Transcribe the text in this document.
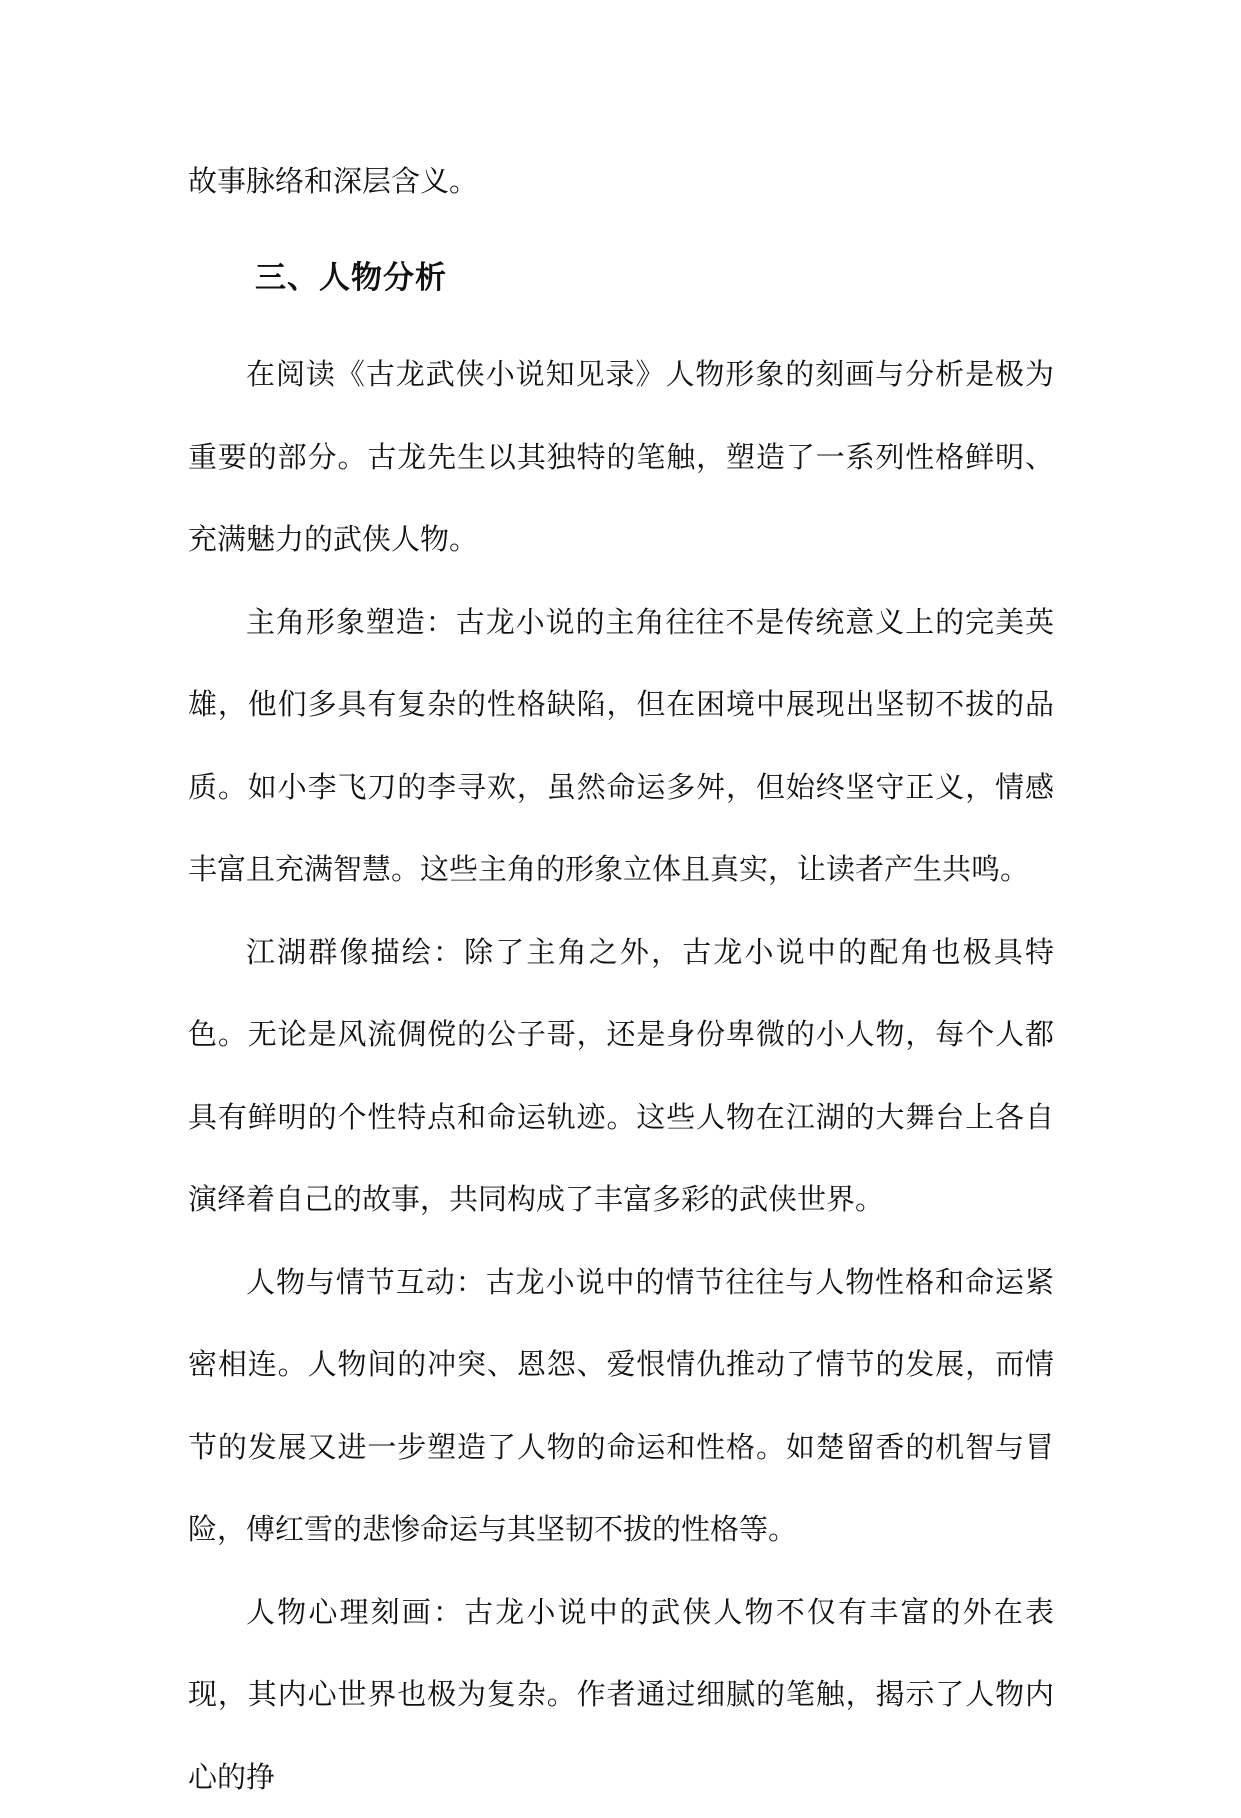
故事脉络和深层含义。

三、人物分析

在阅读《古龙武侠小说知见录》人物形象的刻画与分析是极为重要的部分。古龙先生以其独特的笔触，塑造了一系列性格鲜明、充满魅力的武侠人物。

主角形象塑造：古龙小说的主角往往不是传统意义上的完美英雄，他们多具有复杂的性格缺陷，但在困境中展现出坚韧不拔的品质。如小李飞刀的李寻欢，虽然命运多舛，但始终坚守正义，情感丰富且充满智慧。这些主角的形象立体且真实，让读者产生共鸣。

江湖群像描绘：除了主角之外，古龙小说中的配角也极具特色。无论是风流倜傥的公子哥，还是身份卑微的小人物，每个人都具有鲜明的个性特点和命运轨迹。这些人物在江湖的大舞台上各自演绎着自己的故事，共同构成了丰富多彩的武侠世界。

人物与情节互动：古龙小说中的情节往往与人物性格和命运紧密相连。人物间的冲突、恩怨、爱恨情仇推动了情节的发展，而情节的发展又进一步塑造了人物的命运和性格。如楚留香的机智与冒险，傅红雪的悲惨命运与其坚韧不拔的性格等。

人物心理刻画：古龙小说中的武侠人物不仅有丰富的外在表现，其内心世界也极为复杂。作者通过细腻的笔触，揭示了人物内心的挣
